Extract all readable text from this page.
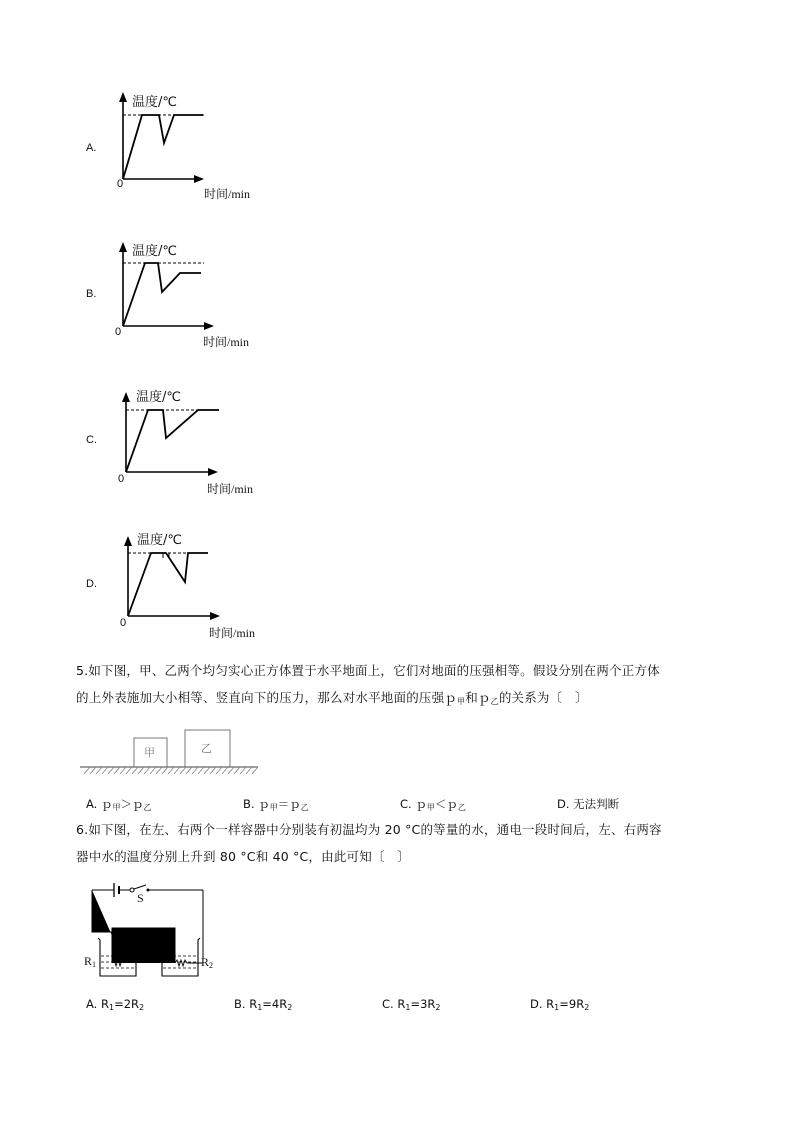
A.
温度/℃
0
时间/min
B.
温度/℃
0
时间/min
C.
温度/℃
0
时间/min
D.
温度/℃
0
时间/min
5.如下图，甲、乙两个均匀实心正方体置于水平地面上，它们对地面的压强相等。假设分别在两个正方体
的上外表施加大小相等、竖直向下的压力，那么对水平地面的压强ｐ$_甲$和ｐ$_乙$的关系为〔　〕
甲	乙
A. ｐ$_甲$＞ｐ$_乙$	B. ｐ$_甲$＝ｐ$_乙$	C. ｐ$_甲$＜ｐ$_乙$	D. 无法判断
6.如下图，在左、右两个一样容器中分别装有初温均为 20 °C的等量的水，通电一段时间后，左、右两容
器中水的温度分别上升到 80 °C和 40 °C，由此可知〔　〕
S
$R_1$	$R_2$
A. $R_1=2R_2$	B. $R_1=4R_2$	C. $R_1=3R_2$	D. $R_1=9R_2$
